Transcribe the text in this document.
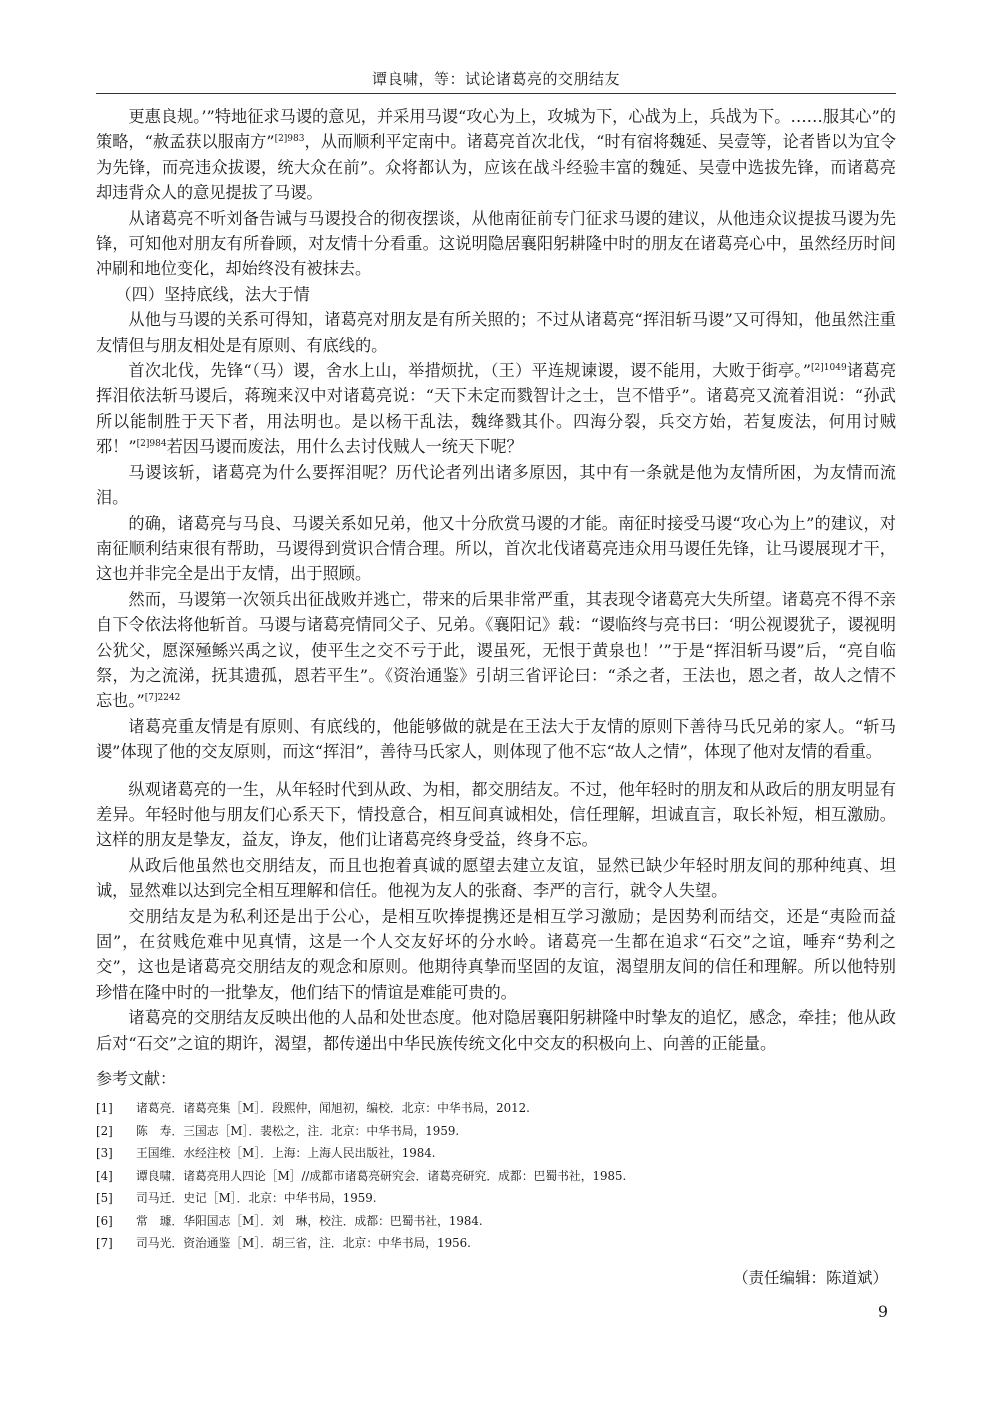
谭良啸，等：试论诸葛亮的交朋结友

更惠良规。’”特地征求马谡的意见，并采用马谡“攻心为上，攻城为下，心战为上，兵战为下。……服其心”的策略，“赦孟获以服南方”$^{[2]983}$，从而顺利平定南中。诸葛亮首次北伐，“时有宿将魏延、吴壹等，论者皆以为宜令为先锋，而亮违众拔谡，统大众在前”。众将都认为，应该在战斗经验丰富的魏延、吴壹中选拔先锋，而诸葛亮却违背众人的意见提拔了马谡。

从诸葛亮不听刘备告诫与马谡投合的彻夜摆谈，从他南征前专门征求马谡的建议，从他违众议提拔马谡为先锋，可知他对朋友有所眷顾，对友情十分看重。这说明隐居襄阳躬耕隆中时的朋友在诸葛亮心中，虽然经历时间冲刷和地位变化，却始终没有被抹去。

（四）坚持底线，法大于情

从他与马谡的关系可得知，诸葛亮对朋友是有所关照的；不过从诸葛亮“挥泪斩马谡”又可得知，他虽然注重友情但与朋友相处是有原则、有底线的。

首次北伐，先锋“（马）谡，舍水上山，举措烦扰，（王）平连规谏谡，谡不能用，大败于街亭。”$^{[2]1049}$诸葛亮挥泪依法斩马谡后，蒋琬来汉中对诸葛亮说：“天下未定而戮智计之士，岂不惜乎”。诸葛亮又流着泪说：“孙武所以能制胜于天下者，用法明也。是以杨干乱法，魏绛戮其仆。四海分裂，兵交方始，若复废法，何用讨贼邪！”$^{[2]984}$若因马谡而废法，用什么去讨伐贼人一统天下呢？

马谡该斩，诸葛亮为什么要挥泪呢？历代论者列出诸多原因，其中有一条就是他为友情所困，为友情而流泪。

的确，诸葛亮与马良、马谡关系如兄弟，他又十分欣赏马谡的才能。南征时接受马谡“攻心为上”的建议，对南征顺利结束很有帮助，马谡得到赏识合情合理。所以，首次北伐诸葛亮违众用马谡任先锋，让马谡展现才干，这也并非完全是出于友情，出于照顾。

然而，马谡第一次领兵出征战败并逃亡，带来的后果非常严重，其表现令诸葛亮大失所望。诸葛亮不得不亲自下令依法将他斩首。马谡与诸葛亮情同父子、兄弟。《襄阳记》载：“谡临终与亮书曰：‘明公视谡犹子，谡视明公犹父，愿深殛鲧兴禹之议，使平生之交不亏于此，谡虽死，无恨于黄泉也！’”于是“挥泪斩马谡”后，“亮自临祭，为之流涕，抚其遗孤，恩若平生”。《资治通鉴》引胡三省评论曰：“杀之者，王法也，恩之者，故人之情不忘也。”$^{[7]2242}$

诸葛亮重友情是有原则、有底线的，他能够做的就是在王法大于友情的原则下善待马氏兄弟的家人。“斩马谡”体现了他的交友原则，而这“挥泪”，善待马氏家人，则体现了他不忘“故人之情”，体现了他对友情的看重。

纵观诸葛亮的一生，从年轻时代到从政、为相，都交朋结友。不过，他年轻时的朋友和从政后的朋友明显有差异。年轻时他与朋友们心系天下，情投意合，相互间真诚相处，信任理解，坦诚直言，取长补短，相互激励。这样的朋友是挚友，益友，诤友，他们让诸葛亮终身受益，终身不忘。

从政后他虽然也交朋结友，而且也抱着真诚的愿望去建立友谊，显然已缺少年轻时朋友间的那种纯真、坦诚，显然难以达到完全相互理解和信任。他视为友人的张裔、李严的言行，就令人失望。

交朋结友是为私利还是出于公心，是相互吹捧提携还是相互学习激励；是因势利而结交，还是“夷险而益固”，在贫贱危难中见真情，这是一个人交友好坏的分水岭。诸葛亮一生都在追求“石交”之谊，唾弃“势利之交”，这也是诸葛亮交朋结友的观念和原则。他期待真挚而坚固的友谊，渴望朋友间的信任和理解。所以他特别珍惜在隆中时的一批挚友，他们结下的情谊是难能可贵的。

诸葛亮的交朋结友反映出他的人品和处世态度。他对隐居襄阳躬耕隆中时挚友的追忆，感念，牵挂；他从政后对“石交”之谊的期许，渴望，都传递出中华民族传统文化中交友的积极向上、向善的正能量。

参考文献：

[1]	诸葛亮．诸葛亮集［M］．段熙仲，闻旭初，编校．北京：中华书局，2012.
[2]	陈　寿．三国志［M］．裴松之，注．北京：中华书局，1959.
[3]	王国维．水经注校［M］．上海：上海人民出版社，1984.
[4]	谭良啸．诸葛亮用人四论［M］//成都市诸葛亮研究会．诸葛亮研究．成都：巴蜀书社，1985.
[5]	司马迁．史记［M］．北京：中华书局，1959.
[6]	常　璩．华阳国志［M］．刘　琳，校注．成都：巴蜀书社，1984.
[7]	司马光．资治通鉴［M］．胡三省，注．北京：中华书局，1956.
（责任编辑：陈道斌）
9
